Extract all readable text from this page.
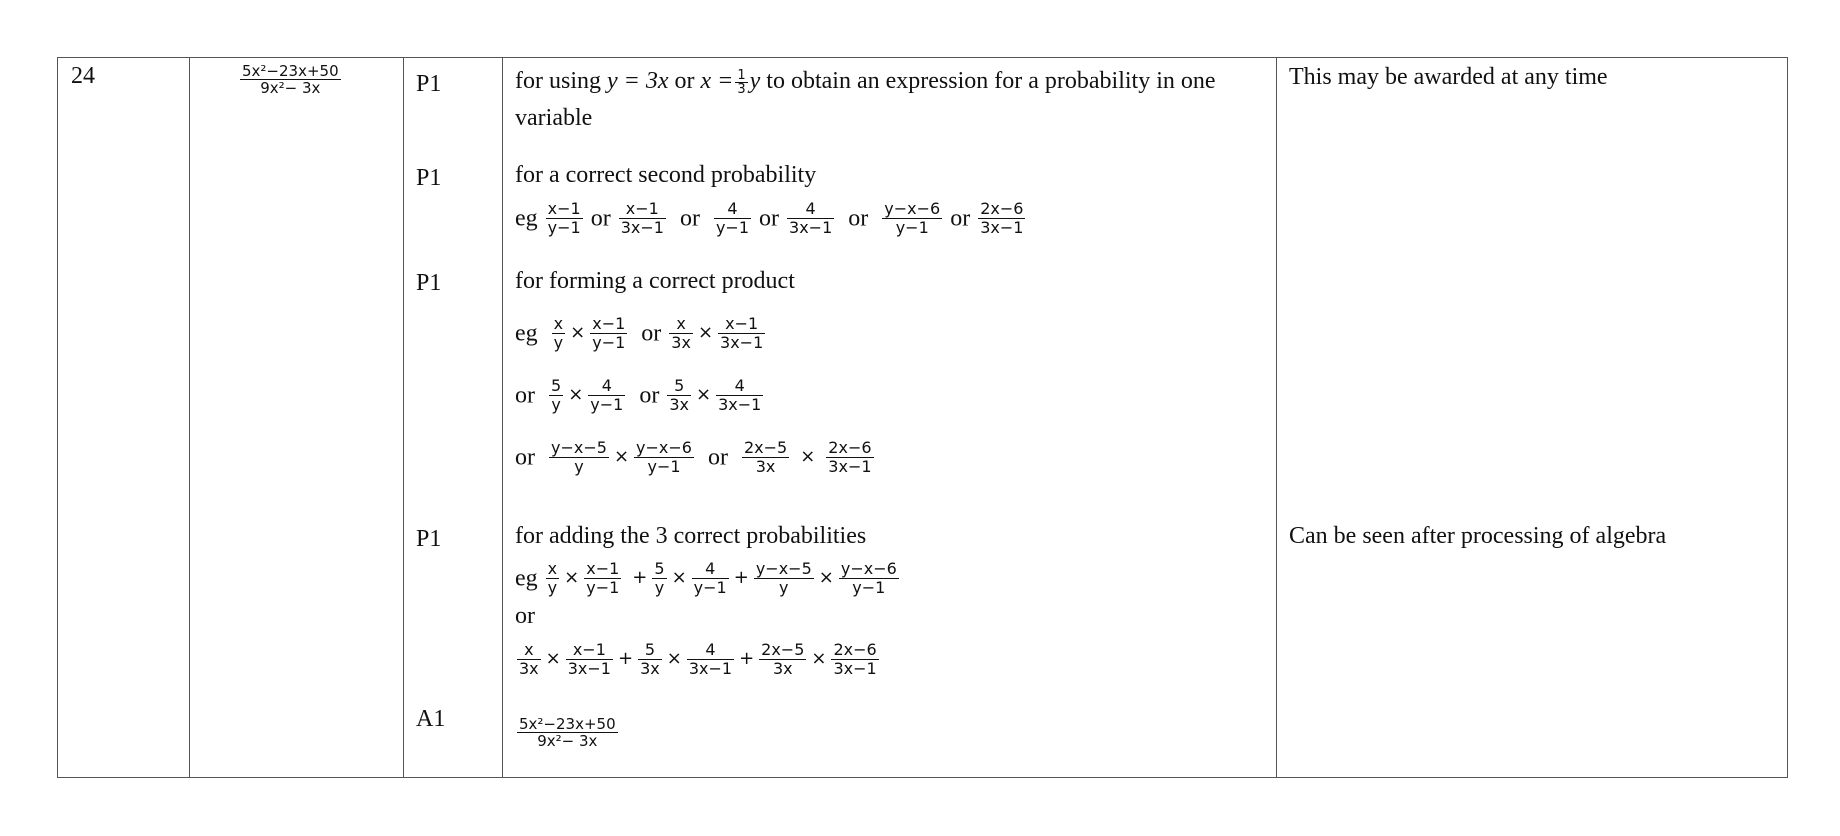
24	$\frac{\text{5x²−23x+50}}{\text{9x²− 3x}}$	P1
P1
P1
P1
A1
for using y = 3x or $x = \frac{1}{3}$ y to obtain an expression for a probability in one
variable
for a correct second probability
eg $\frac{x-1}{y-1}$ or $\frac{x-1}{3x-1}$ or $\frac{4}{y-1}$ or $\frac{4}{3x-1}$ or $\frac{y-x-6}{y-1}$ or $\frac{2x-6}{3x-1}$
for forming a correct product
eg $\frac{x}{y} \times \frac{x-1}{y-1}$ or $\frac{x}{3x} \times \frac{x-1}{3x-1}$
or $\frac{5}{y} \times \frac{4}{y-1}$ or $\frac{5}{3x} \times \frac{4}{3x-1}$
or $\frac{y-x-5}{y} \times \frac{y-x-6}{y-1}$ or $\frac{2x-5}{3x} \times \frac{2x-6}{3x-1}$
for adding the 3 correct probabilities
eg $\frac{x}{y} \times \frac{x-1}{y-1} + \frac{5}{y} \times \frac{4}{y-1} + \frac{y-x-5}{y} \times \frac{y-x-6}{y-1}$
or
$\frac{x}{3x} \times \frac{x-1}{3x-1} + \frac{5}{3x} \times \frac{4}{3x-1} + \frac{2x-5}{3x} \times \frac{2x-6}{3x-1}$
$\frac{\text{5x²−23x+50}}{\text{9x²− 3x}}$
This may be awarded at any time
Can be seen after processing of algebra
